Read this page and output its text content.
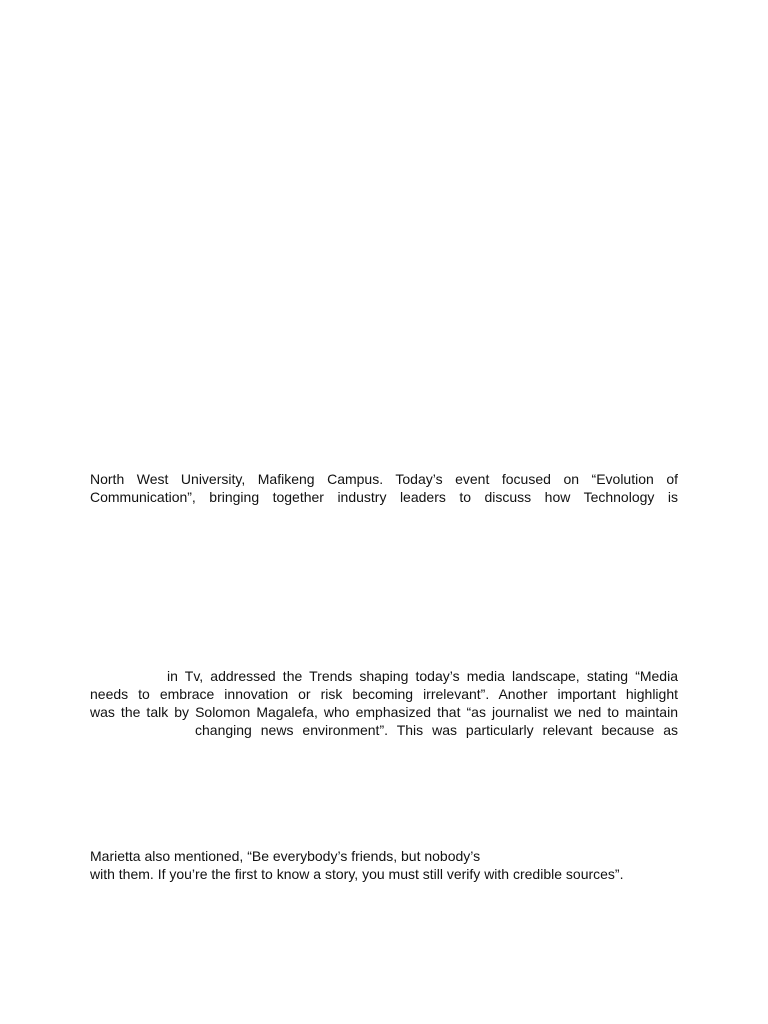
North West University, Mafikeng Campus. Today’s event focused on “Evolution of
Communication”, bringing together industry leaders to discuss how Technology is
in Tv, addressed the Trends shaping today’s media landscape, stating “Media
needs to embrace innovation or risk becoming irrelevant”. Another important highlight
was the talk by Solomon Magalefa, who emphasized that “as journalist we ned to maintain
changing news environment”. This was particularly relevant because as
Marietta also mentioned, “Be everybody’s friends, but nobody’s
with them. If you’re the first to know a story, you must still verify with credible sources”.
